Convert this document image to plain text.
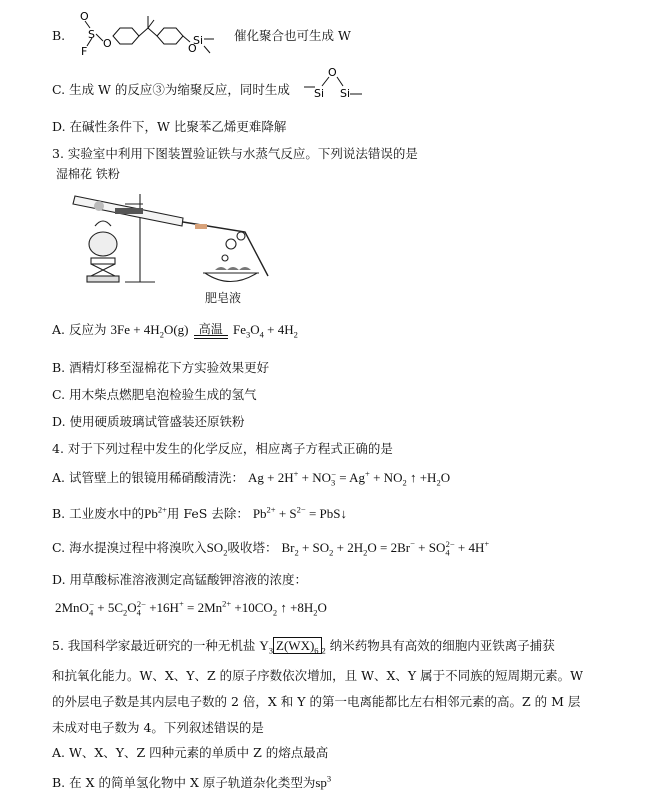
B.
O
S
F
O	O
Si 催化聚合也可生成 W
C. 生成 W 的反应③为缩聚反应，同时生成
O
Si Si
D. 在碱性条件下，W 比聚苯乙烯更难降解
3. 实验室中利用下图装置验证铁与水蒸气反应。下列说法错误的是
湿棉花 铁粉
肥皂液
A. 反应为 $3Fe + 4H_2O(g)$ 高温 $Fe_3O_4 + 4H_2$
B. 酒精灯移至湿棉花下方实验效果更好
C. 用木柴点燃肥皂泡检验生成的氢气
D. 使用硬质玻璃试管盛装还原铁粉
4. 对于下列过程中发生的化学反应，相应离子方程式正确的是
A. 试管壁上的银镜用稀硝酸清洗： $Ag + 2H^+ + NO_3^- = Ag^+ + NO_2$ ↑ $+H_2O$
B. 工业废水中的$Pb^{2+}$用 FeS 去除： $Pb^{2+} + S^{2-}$ = PbS↓
C. 海水提溴过程中将溴吹入$SO_2$吸收塔： $Br_2 + SO_2 + 2H_2O = 2Br^- + SO_4^{2-} + 4H^+$
D. 用草酸标准溶液测定高锰酸钾溶液的浓度：
$2MnO_4^- + 5C_2O_4^{2-} +16H^+ = 2Mn^{2+} +10CO_2$ ↑ $+8H_2O$
5. 我国科学家最近研究的一种无机盐 $Y_3$ $Z(WX)_6$ $_2$ 纳米药物具有高效的细胞内亚铁离子捕获
和抗氧化能力。W、X、Y、Z 的原子序数依次增加，且 W、X、Y 属于不同族的短周期元素。W
的外层电子数是其内层电子数的 2 倍，X 和 Y 的第一电离能都比左右相邻元素的高。Z 的 M 层
未成对电子数为 4。下列叙述错误的是
A. W、X、Y、Z 四种元素的单质中 Z 的熔点最高
B. 在 X 的简单氢化物中 X 原子轨道杂化类型为$sp^3$
